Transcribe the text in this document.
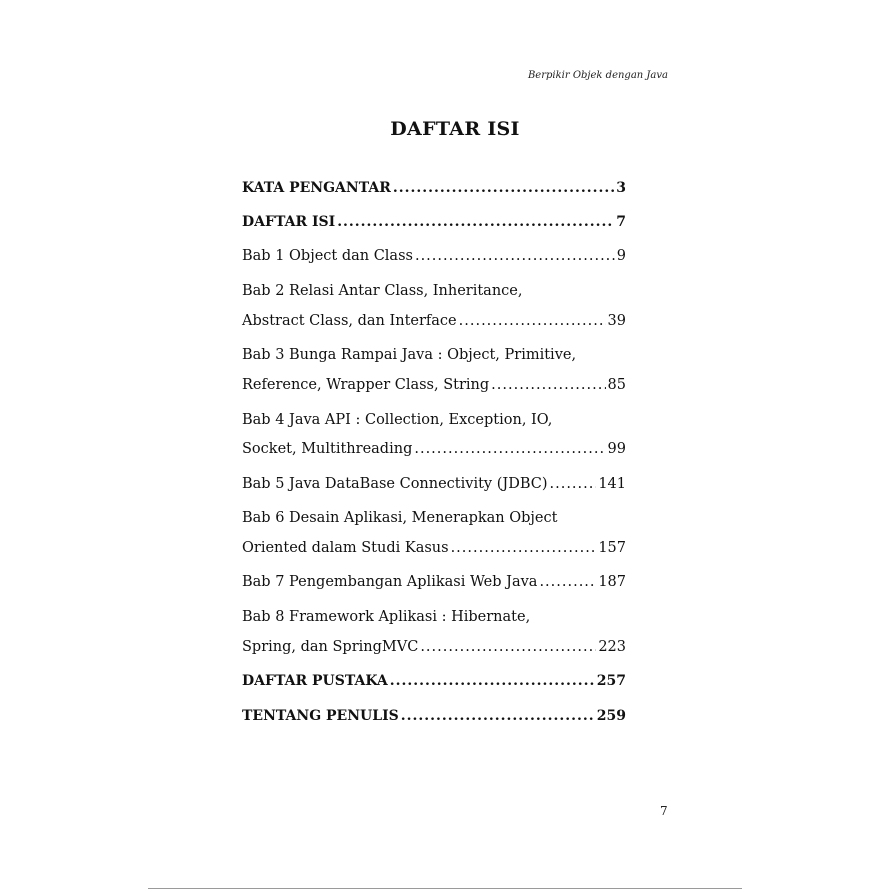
Berpikir Objek dengan Java
DAFTAR ISI
KATA PENGANTAR .....	3
DAFTAR ISI .....	7
Bab 1 Object dan Class .....	9
Bab 2 Relasi Antar Class, Inheritance,
Abstract Class, dan Interface .....	39
Bab 3 Bunga Rampai Java : Object, Primitive,
Reference, Wrapper Class, String .....	85
Bab 4 Java API : Collection, Exception, IO,
Socket, Multithreading .....	99
Bab 5 Java DataBase Connectivity (JDBC) .....	141
Bab 6 Desain Aplikasi, Menerapkan Object
Oriented dalam Studi Kasus .....	157
Bab 7 Pengembangan Aplikasi Web Java .....	187
Bab 8 Framework Aplikasi : Hibernate,
Spring, dan SpringMVC .....	223
DAFTAR PUSTAKA .....	257
TENTANG PENULIS .....	259
7
